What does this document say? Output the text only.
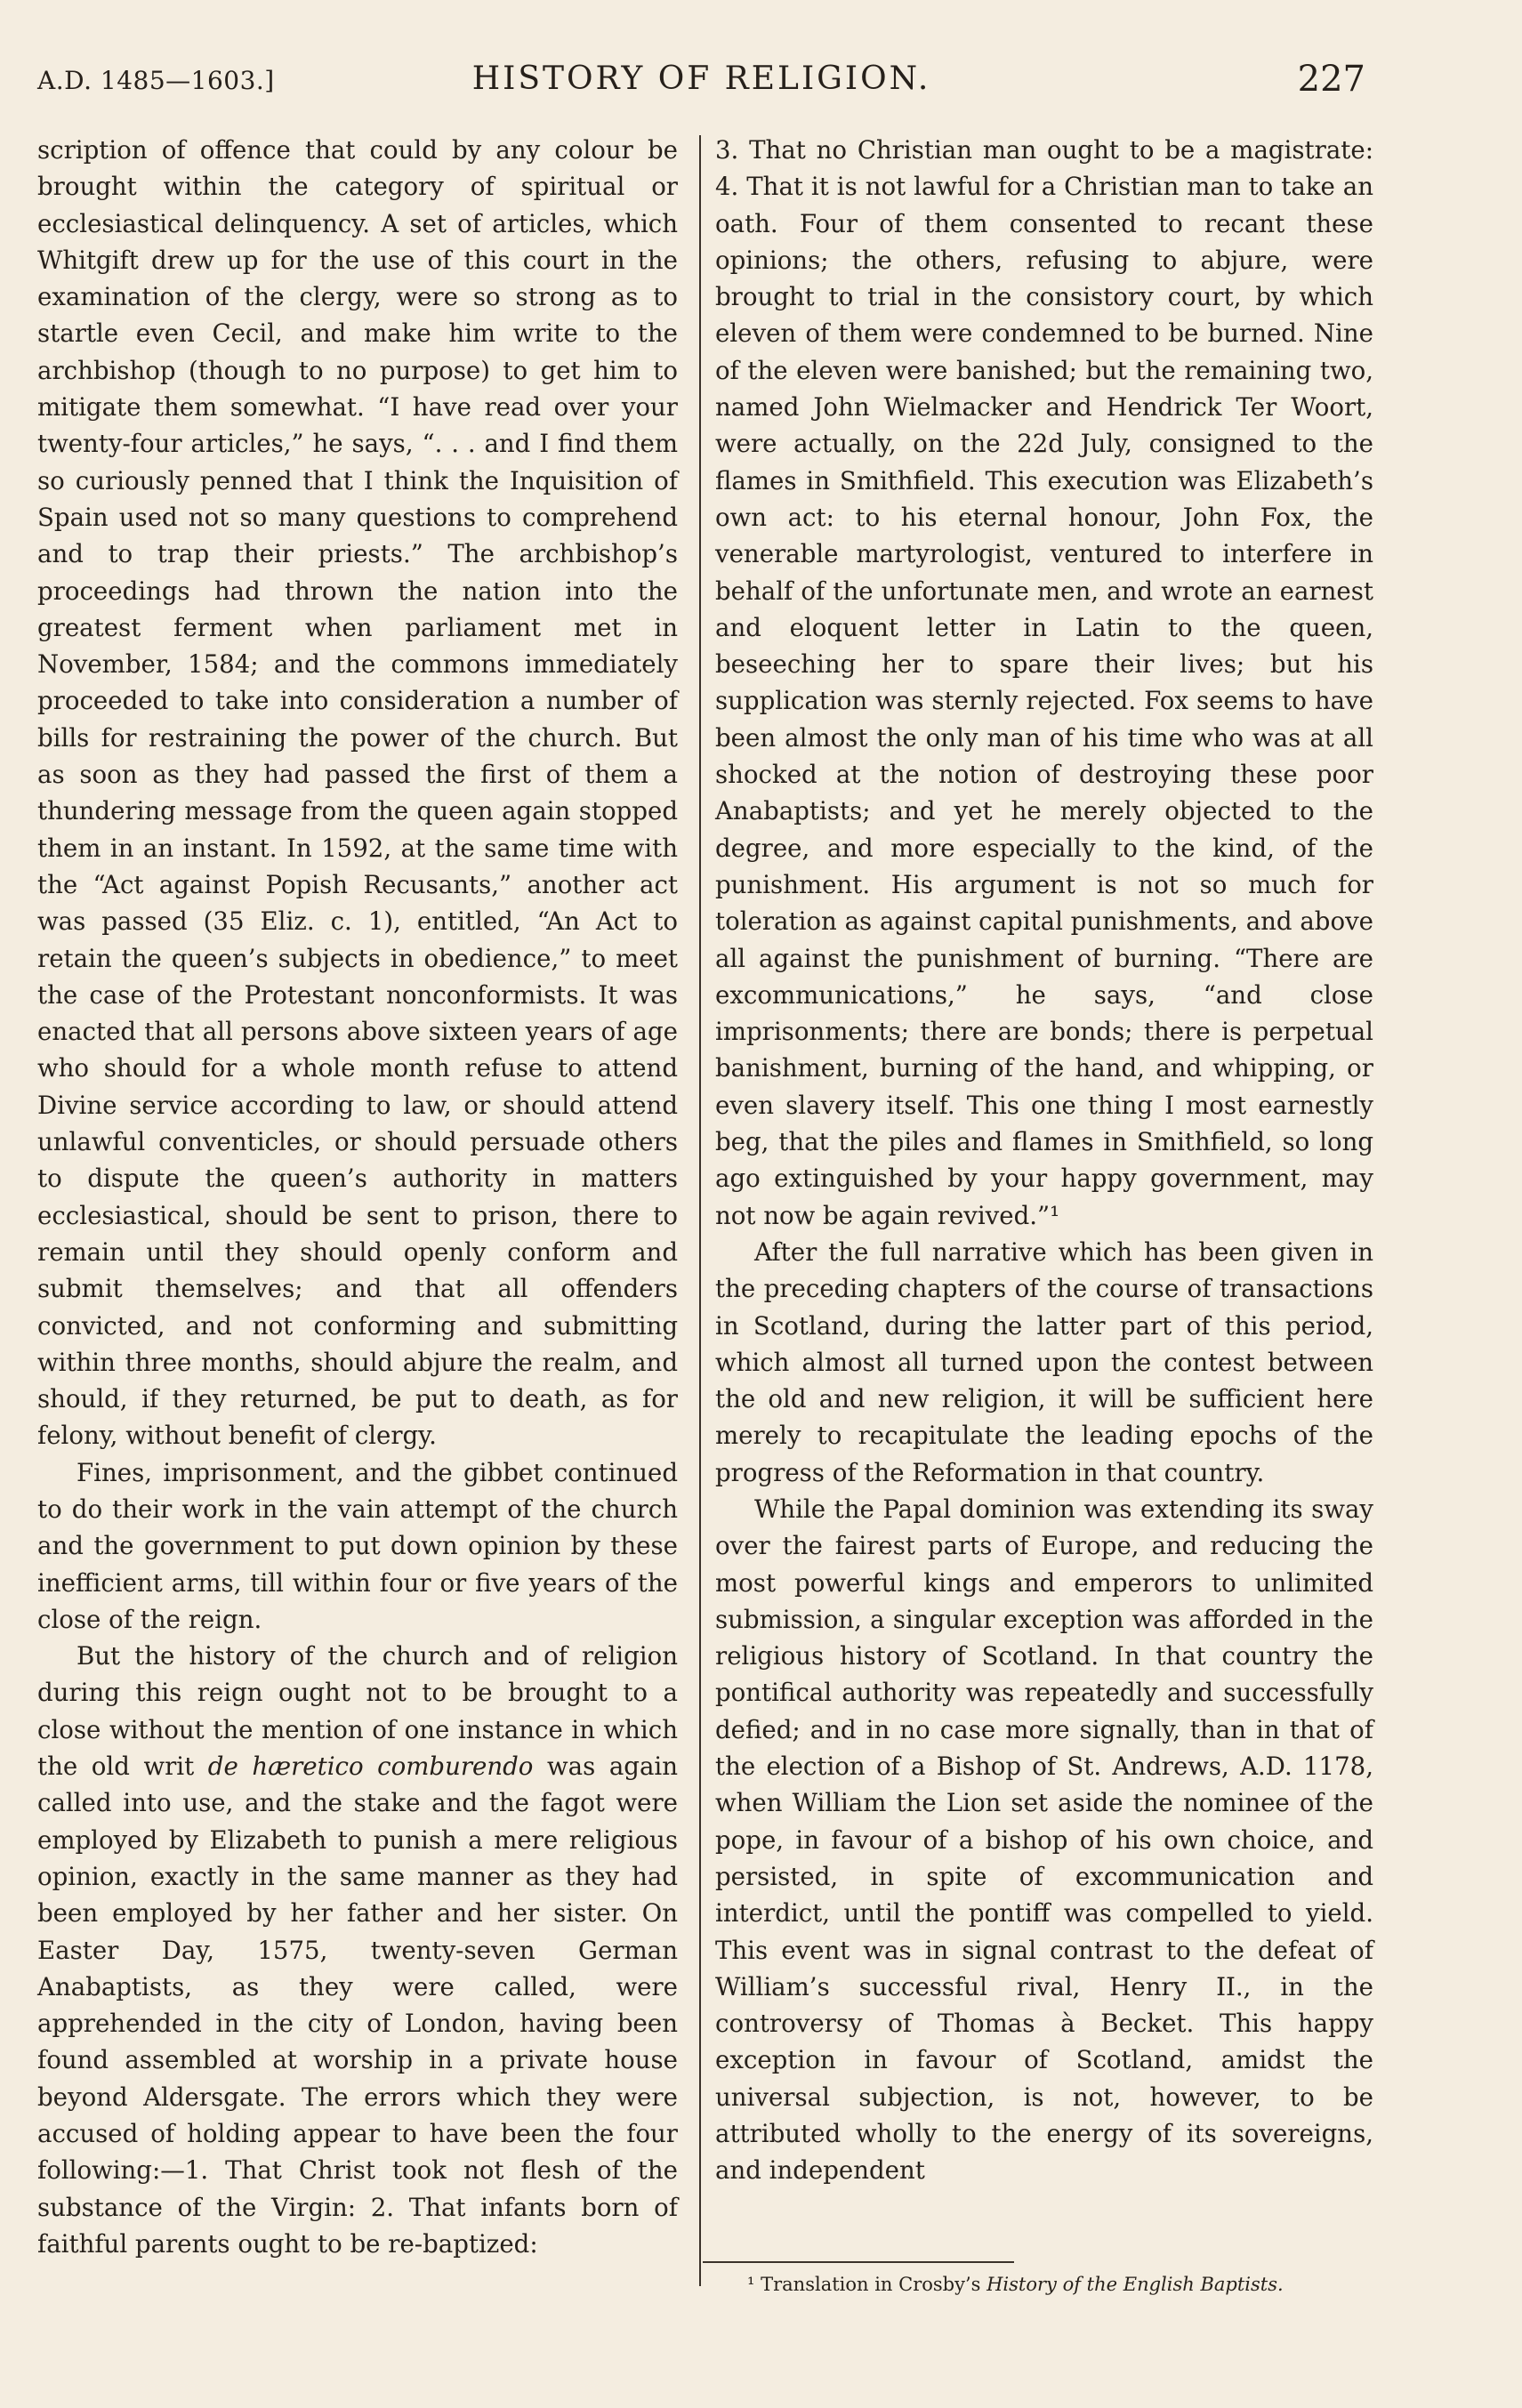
A.D. 1485—1603.]	HISTORY OF RELIGION.	227

scription of offence that could by any colour be brought within the category of spiritual or ecclesiastical delinquency. A set of articles, which Whitgift drew up for the use of this court in the examination of the clergy, were so strong as to startle even Cecil, and make him write to the archbishop (though to no purpose) to get him to mitigate them somewhat. “I have read over your twenty-four articles,” he says, “. . . and I find them so curiously penned that I think the Inquisition of Spain used not so many questions to comprehend and to trap their priests.” The archbishop’s proceedings had thrown the nation into the greatest ferment when parliament met in November, 1584; and the commons immediately proceeded to take into consideration a number of bills for restraining the power of the church. But as soon as they had passed the first of them a thundering message from the queen again stopped them in an instant. In 1592, at the same time with the “Act against Popish Recusants,” another act was passed (35 Eliz. c. 1), entitled, “An Act to retain the queen’s subjects in obedience,” to meet the case of the Protestant nonconformists. It was enacted that all persons above sixteen years of age who should for a whole month refuse to attend Divine service according to law, or should attend unlawful conventicles, or should persuade others to dispute the queen’s authority in matters ecclesiastical, should be sent to prison, there to remain until they should openly conform and submit themselves; and that all offenders convicted, and not conforming and submitting within three months, should abjure the realm, and should, if they returned, be put to death, as for felony, without benefit of clergy.

Fines, imprisonment, and the gibbet continued to do their work in the vain attempt of the church and the government to put down opinion by these inefficient arms, till within four or five years of the close of the reign.

But the history of the church and of religion during this reign ought not to be brought to a close without the mention of one instance in which the old writ de hæretico comburendo was again called into use, and the stake and the fagot were employed by Elizabeth to punish a mere religious opinion, exactly in the same manner as they had been employed by her father and her sister. On Easter Day, 1575, twenty-seven German Anabaptists, as they were called, were apprehended in the city of London, having been found assembled at worship in a private house beyond Aldersgate. The errors which they were accused of holding appear to have been the four following:—1. That Christ took not flesh of the substance of the Virgin: 2. That infants born of faithful parents ought to be re-baptized:

3. That no Christian man ought to be a magistrate: 4. That it is not lawful for a Christian man to take an oath. Four of them consented to recant these opinions; the others, refusing to abjure, were brought to trial in the consistory court, by which eleven of them were condemned to be burned. Nine of the eleven were banished; but the remaining two, named John Wielmacker and Hendrick Ter Woort, were actually, on the 22d July, consigned to the flames in Smithfield. This execution was Elizabeth’s own act: to his eternal honour, John Fox, the venerable martyrologist, ventured to interfere in behalf of the unfortunate men, and wrote an earnest and eloquent letter in Latin to the queen, beseeching her to spare their lives; but his supplication was sternly rejected. Fox seems to have been almost the only man of his time who was at all shocked at the notion of destroying these poor Anabaptists; and yet he merely objected to the degree, and more especially to the kind, of the punishment. His argument is not so much for toleration as against capital punishments, and above all against the punishment of burning. “There are excommunications,” he says, “and close imprisonments; there are bonds; there is perpetual banishment, burning of the hand, and whipping, or even slavery itself. This one thing I most earnestly beg, that the piles and flames in Smithfield, so long ago extinguished by your happy government, may not now be again revived.”¹

After the full narrative which has been given in the preceding chapters of the course of transactions in Scotland, during the latter part of this period, which almost all turned upon the contest between the old and new religion, it will be sufficient here merely to recapitulate the leading epochs of the progress of the Reformation in that country.

While the Papal dominion was extending its sway over the fairest parts of Europe, and reducing the most powerful kings and emperors to unlimited submission, a singular exception was afforded in the religious history of Scotland. In that country the pontifical authority was repeatedly and successfully defied; and in no case more signally, than in that of the election of a Bishop of St. Andrews, A.D. 1178, when William the Lion set aside the nominee of the pope, in favour of a bishop of his own choice, and persisted, in spite of excommunication and interdict, until the pontiff was compelled to yield. This event was in signal contrast to the defeat of William’s successful rival, Henry II., in the controversy of Thomas à Becket. This happy exception in favour of Scotland, amidst the universal subjection, is not, however, to be attributed wholly to the energy of its sovereigns, and independent

¹ Translation in Crosby’s History of the English Baptists.
